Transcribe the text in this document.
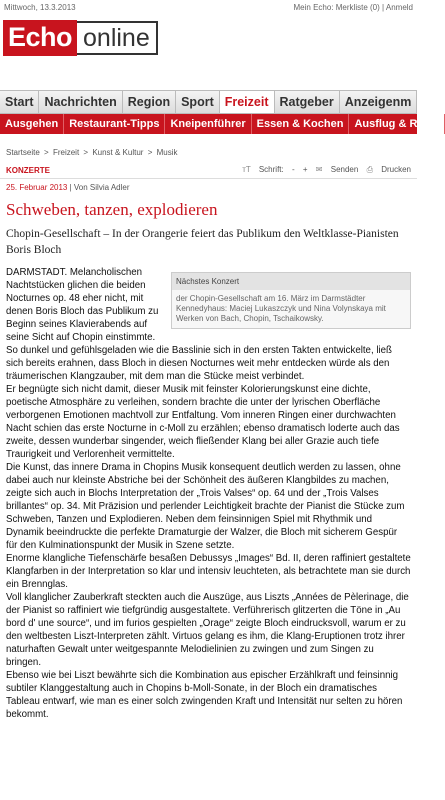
Mittwoch, 13.3.2013	Mein Echo: Merkliste (0) | Anmeld
Echo online
Start Nachrichten Region Sport Freizeit Ratgeber Anzeigenm
Ausgehen	Restaurant-Tipps	Kneipenführer	Essen & Kochen	Ausflug & Reise
Startseite > Freizeit > Kunst & Kultur > Musik
KONZERTE	ᴛT Schrift: - + ✉ Senden ⎙ Drucken
25. Februar 2013 | Von Silvia Adler
Schweben, tanzen, explodieren
Chopin-Gesellschaft – In der Orangerie feiert das Publikum den Weltklasse-Pianisten Boris Bloch
Nächstes Konzert
der Chopin-Gesellschaft am 16. März im Darmstädter Kennedyhaus: Maciej Lukaszczyk und Nina Volynskaya mit Werken von Bach, Chopin, Tschaikowsky.

DARMSTADT. Melancholischen Nachtstücken glichen die beiden Nocturnes op. 48 eher nicht, mit denen Boris Bloch das Publikum zu Beginn seines Klavierabends auf seine Sicht auf Chopin einstimmte. So dunkel und gefühlsgeladen wie die Basslinie sich in den ersten Takten entwickelte, ließ sich bereits erahnen, dass Bloch in diesen Nocturnes weit mehr entdecken würde als den träumerischen Klangzauber, mit dem man die Stücke meist verbindet.

Er begnügte sich nicht damit, dieser Musik mit feinster Kolorierungskunst eine dichte, poetische Atmosphäre zu verleihen, sondern brachte die unter der lyrischen Oberfläche verborgenen Emotionen machtvoll zur Entfaltung. Vom inneren Ringen einer durchwachten Nacht schien das erste Nocturne in c-Moll zu erzählen; ebenso dramatisch loderte auch das zweite, dessen wunderbar singender, weich fließender Klang bei aller Grazie auch tiefe Traurigkeit und Verlorenheit vermittelte.

Die Kunst, das innere Drama in Chopins Musik konsequent deutlich werden zu lassen, ohne dabei auch nur kleinste Abstriche bei der Schönheit des äußeren Klangbildes zu machen, zeigte sich auch in Blochs Interpretation der „Trois Valses“ op. 64 und der „Trois Valses brillantes“ op. 34. Mit Präzision und perlender Leichtigkeit brachte der Pianist die Stücke zum Schweben, Tanzen und Explodieren. Neben dem feinsinnigen Spiel mit Rhythmik und Dynamik beeindruckte die perfekte Dramaturgie der Walzer, die Bloch mit sicherem Gespür für den Kulminationspunkt der Musik in Szene setzte.

Enorme klangliche Tiefenschärfe besaßen Debussys „Images“ Bd. II, deren raffiniert gestaltete Klangfarben in der Interpretation so klar und intensiv leuchteten, als betrachtete man sie durch ein Brennglas.

Voll klanglicher Zauberkraft steckten auch die Auszüge, aus Liszts „Années de Pèlerinage, die der Pianist so raffiniert wie tiefgründig ausgestaltete. Verführerisch glitzerten die Töne in „Au bord d' une source“, und im furios gespielten „Orage“ zeigte Bloch eindrucksvoll, warum er zu den weltbesten Liszt-Interpreten zählt. Virtuos gelang es ihm, die Klang-Eruptionen trotz ihrer naturhaften Gewalt unter weitgespannte Melodielinien zu zwingen und zum Singen zu bringen.

Ebenso wie bei Liszt bewährte sich die Kombination aus epischer Erzählkraft und feinsinnig subtiler Klanggestaltung auch in Chopins b-Moll-Sonate, in der Bloch ein dramatisches Tableau entwarf, wie man es einer solch zwingenden Kraft und Intensität nur selten zu hören bekommt.
